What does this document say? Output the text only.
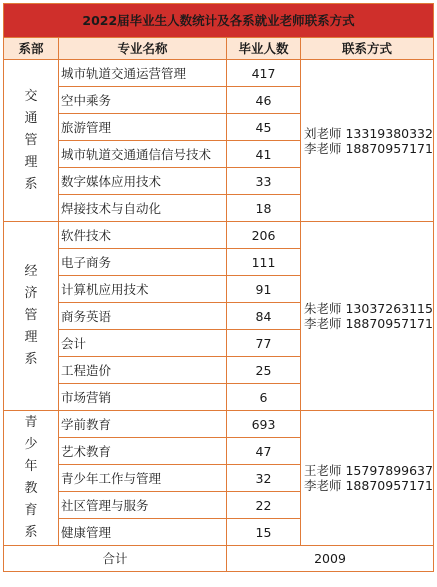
2022届毕业生人数统计及各系就业老师联系方式			
系部	专业名称	毕业人数	联系方式
交通管理系	城市轨道交通运营管理	417	刘老师 13319380332
李老师 18870957171

	空中乘务	46	
	旅游管理	45	
	城市轨道交通通信信号技术	41	
	数字媒体应用技术	33	
	焊接技术与自动化	18	
经济管理系	软件技术	206	朱老师 13037263115
李老师 18870957171

	电子商务	111	
	计算机应用技术	91	
	商务英语	84	
	会计	77	
	工程造价	25	
	市场营销	6	
青少年教育系	学前教育	693	王老师 15797899637
李老师 18870957171

	艺术教育	47	
	青少年工作与管理	32	
	社区管理与服务	22	
	健康管理	15	
合计		2009	
